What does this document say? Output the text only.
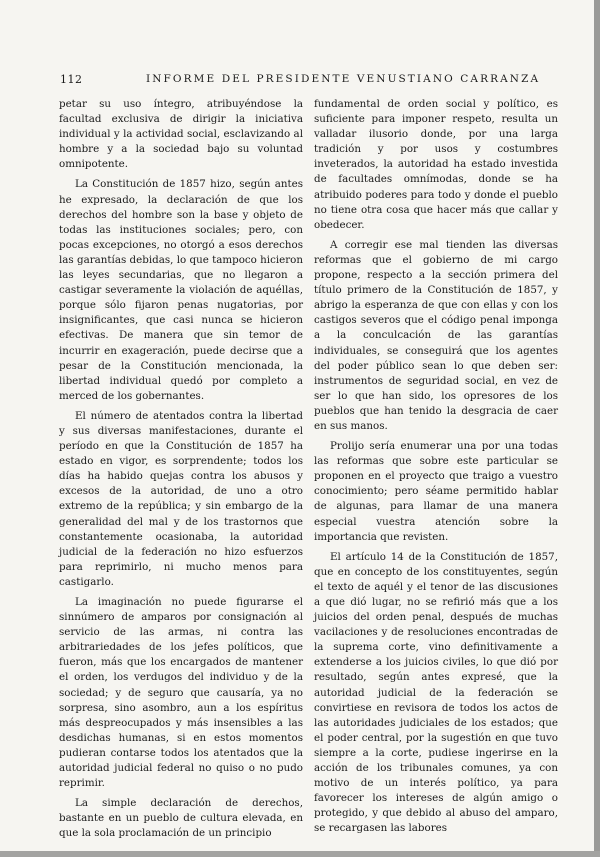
112	INFORME DEL PRESIDENTE VENUSTIANO CARRANZA

petar su uso íntegro, atribuyéndose la facultad exclusiva de dirigir la iniciativa individual y la actividad social, esclavizando al hombre y a la sociedad bajo su voluntad omnipotente.

La Constitución de 1857 hizo, según antes he expresado, la declaración de que los derechos del hombre son la base y objeto de todas las instituciones sociales; pero, con pocas excepciones, no otorgó a esos derechos las garantías debidas, lo que tampoco hicieron las leyes secundarias, que no llegaron a castigar severamente la violación de aquéllas, porque sólo fijaron penas nugatorias, por insignificantes, que casi nunca se hicieron efectivas. De manera que sin temor de incurrir en exageración, puede decirse que a pesar de la Constitución mencionada, la libertad individual quedó por completo a merced de los gobernantes.

El número de atentados contra la libertad y sus diversas manifestaciones, durante el período en que la Constitución de 1857 ha estado en vigor, es sorprendente; todos los días ha habido quejas contra los abusos y excesos de la autoridad, de uno a otro extremo de la república; y sin embargo de la generalidad del mal y de los trastornos que constantemente ocasionaba, la autoridad judicial de la federación no hizo esfuerzos para reprimirlo, ni mucho menos para castigarlo.

La imaginación no puede figurarse el sinnúmero de amparos por consignación al servicio de las armas, ni contra las arbitrariedades de los jefes políticos, que fueron, más que los encargados de mantener el orden, los verdugos del individuo y de la sociedad; y de seguro que causaría, ya no sorpresa, sino asombro, aun a los espíritus más despreocupados y más insensibles a las desdichas humanas, si en estos momentos pudieran contarse todos los atentados que la autoridad judicial federal no quiso o no pudo reprimir.

La simple declaración de derechos, bastante en un pueblo de cultura elevada, en que la sola proclamación de un principio

fundamental de orden social y político, es suficiente para imponer respeto, resulta un valladar ilusorio donde, por una larga tradición y por usos y costumbres inveterados, la autoridad ha estado investida de facultades omnímodas, donde se ha atribuido poderes para todo y donde el pueblo no tiene otra cosa que hacer más que callar y obedecer.

A corregir ese mal tienden las diversas reformas que el gobierno de mi cargo propone, respecto a la sección primera del título primero de la Constitución de 1857, y abrigo la esperanza de que con ellas y con los castigos severos que el código penal imponga a la conculcación de las garantías individuales, se conseguirá que los agentes del poder público sean lo que deben ser: instrumentos de seguridad social, en vez de ser lo que han sido, los opresores de los pueblos que han tenido la desgracia de caer en sus manos.

Prolijo sería enumerar una por una todas las reformas que sobre este particular se proponen en el proyecto que traigo a vuestro conocimiento; pero séame permitido hablar de algunas, para llamar de una manera especial vuestra atención sobre la importancia que revisten.

El artículo 14 de la Constitución de 1857, que en concepto de los constituyentes, según el texto de aquél y el tenor de las discusiones a que dió lugar, no se refirió más que a los juicios del orden penal, después de muchas vacilaciones y de resoluciones encontradas de la suprema corte, vino definitivamente a extenderse a los juicios civiles, lo que dió por resultado, según antes expresé, que la autoridad judicial de la federación se convirtiese en revisora de todos los actos de las autoridades judiciales de los estados; que el poder central, por la sugestión en que tuvo siempre a la corte, pudiese ingerirse en la acción de los tribunales comunes, ya con motivo de un interés político, ya para favorecer los intereses de algún amigo o protegido, y que debido al abuso del amparo, se recargasen las labores
